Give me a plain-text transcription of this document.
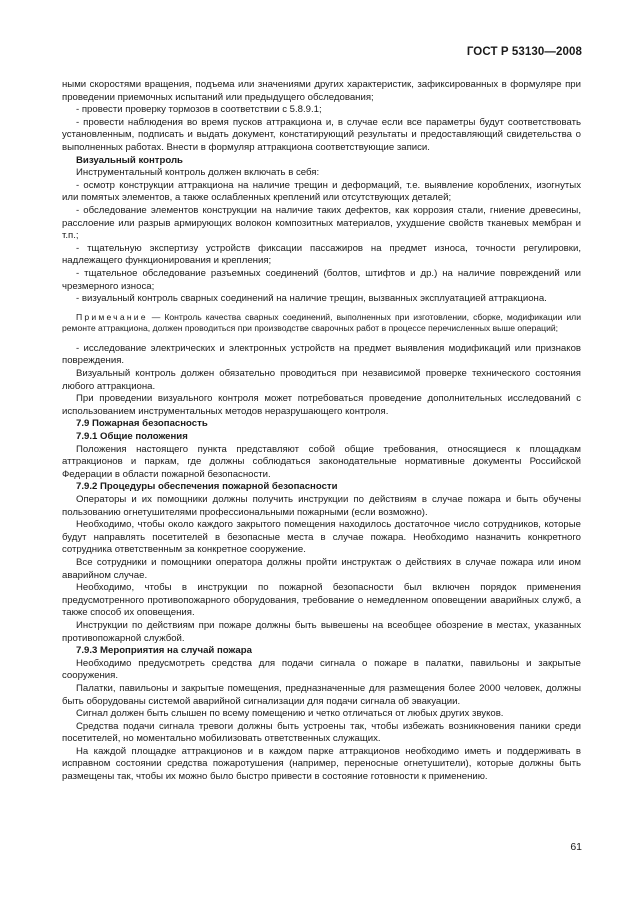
ГОСТ Р 53130—2008

ными скоростями вращения, подъема или значениями других характеристик, зафиксированных в формуляре при проведении приемочных испытаний или предыдущего обследования;

- провести проверку тормозов в соответствии с 5.8.9.1;

- провести наблюдения во время пусков аттракциона и, в случае если все параметры будут соответствовать установленным, подписать и выдать документ, констатирующий результаты и предоставляющий свидетельства о выполненных работах. Внести в формуляр аттракциона соответствующие записи.

Визуальный контроль

Инструментальный контроль должен включать в себя:

- осмотр конструкции аттракциона на наличие трещин и деформаций, т.е. выявление короблених, изогнутых или помятых элементов, а также ослабленных креплений или отсутствующих деталей;

- обследование элементов конструкции на наличие таких дефектов, как коррозия стали, гниение древесины, расслоение или разрыв армирующих волокон композитных материалов, ухудшение свойств тканевых мембран и т.п.;

- тщательную экспертизу устройств фиксации пассажиров на предмет износа, точности регулировки, надлежащего функционирования и крепления;

- тщательное обследование разъемных соединений (болтов, штифтов и др.) на наличие повреждений или чрезмерного износа;

- визуальный контроль сварных соединений на наличие трещин, вызванных эксплуатацией аттракциона.

Примечание — Контроль качества сварных соединений, выполненных при изготовлении, сборке, модификации или ремонте аттракциона, должен проводиться при производстве сварочных работ в процессе перечисленных выше операций;

- исследование электрических и электронных устройств на предмет выявления модификаций или признаков повреждения.

Визуальный контроль должен обязательно проводиться при независимой проверке технического состояния любого аттракциона.

При проведении визуального контроля может потребоваться проведение дополнительных исследований с использованием инструментальных методов неразрушающего контроля.

7.9 Пожарная безопасность

7.9.1 Общие положения

Положения настоящего пункта представляют собой общие требования, относящиеся к площадкам аттракционов и паркам, где должны соблюдаться законодательные нормативные документы Российской Федерации в области пожарной безопасности.

7.9.2 Процедуры обеспечения пожарной безопасности

Операторы и их помощники должны получить инструкции по действиям в случае пожара и быть обучены пользованию огнетушителями профессиональными пожарными (если возможно).

Необходимо, чтобы около каждого закрытого помещения находилось достаточное число сотрудников, которые будут направлять посетителей в безопасные места в случае пожара. Необходимо назначить конкретного сотрудника ответственным за конкретное сооружение.

Все сотрудники и помощники оператора должны пройти инструктаж о действиях в случае пожара или ином аварийном случае.

Необходимо, чтобы в инструкции по пожарной безопасности был включен порядок применения предусмотренного противопожарного оборудования, требование о немедленном оповещении аварийных служб, а также способ их оповещения.

Инструкции по действиям при пожаре должны быть вывешены на всеобщее обозрение в местах, указанных противопожарной службой.

7.9.3 Мероприятия на случай пожара

Необходимо предусмотреть средства для подачи сигнала о пожаре в палатки, павильоны и закрытые сооружения.

Палатки, павильоны и закрытые помещения, предназначенные для размещения более 2000 человек, должны быть оборудованы системой аварийной сигнализации для подачи сигнала об эвакуации.

Сигнал должен быть слышен по всему помещению и четко отличаться от любых других звуков.

Средства подачи сигнала тревоги должны быть устроены так, чтобы избежать возникновения паники среди посетителей, но моментально мобилизовать ответственных служащих.

На каждой площадке аттракционов и в каждом парке аттракционов необходимо иметь и поддерживать в исправном состоянии средства пожаротушения (например, переносные огнетушители), которые должны быть размещены так, чтобы их можно было быстро привести в состояние готовности к применению.

61
